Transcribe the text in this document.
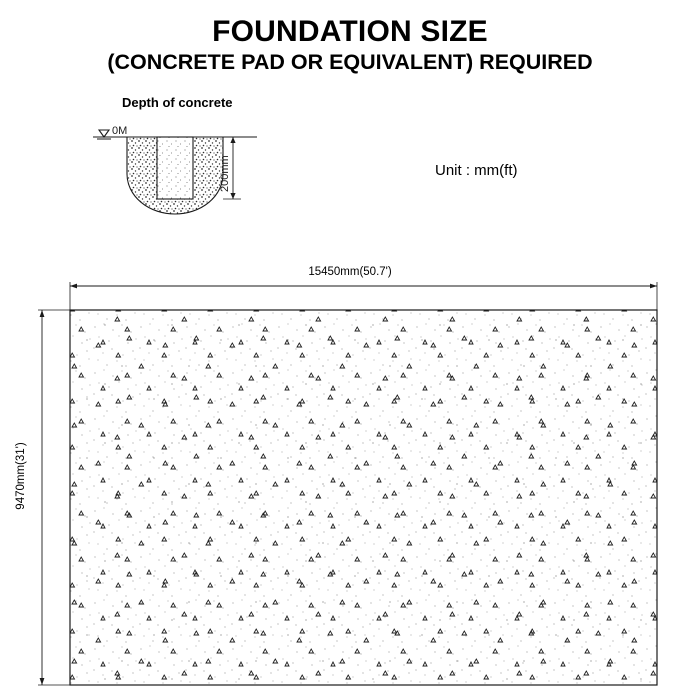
FOUNDATION SIZE
(CONCRETE PAD OR EQUIVALENT) REQUIRED
Depth of concrete
0M
200mm	Unit : mm(ft)
15450mm(50.7')
9470mm(31')
